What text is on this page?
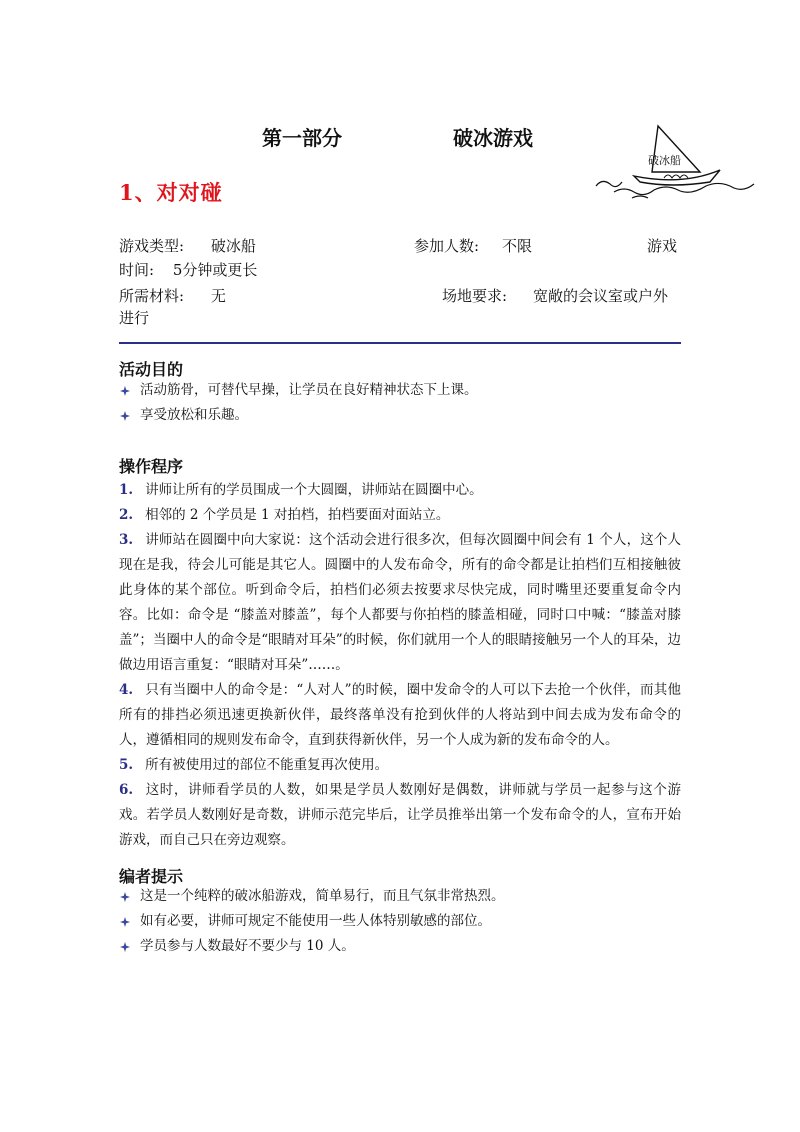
第一部分	破冰游戏
破冰船
1、对对碰
游戏类型: 破冰船	参加人数: 不限	游戏
时间: 5分钟或更长
所需材料: 无	场地要求: 宽敞的会议室或户外
进行
活动目的
活动筋骨，可替代早操，让学员在良好精神状态下上课。
享受放松和乐趣。
操作程序
1. 讲师让所有的学员围成一个大圆圈，讲师站在圆圈中心。
2. 相邻的 2 个学员是 1 对拍档，拍档要面对面站立。
3. 讲师站在圆圈中向大家说：这个活动会进行很多次，但每次圆圈中间会有 1 个人，这个人现在是我，待会儿可能是其它人。圆圈中的人发布命令，所有的命令都是让拍档们互相接触彼此身体的某个部位。听到命令后，拍档们必须去按要求尽快完成，同时嘴里还要重复命令内容。比如：命令是 “膝盖对膝盖”，每个人都要与你拍档的膝盖相碰，同时口中喊：“膝盖对膝盖”；当圈中人的命令是“眼睛对耳朵”的时候，你们就用一个人的眼睛接触另一个人的耳朵，边做边用语言重复：“眼睛对耳朵”……。
4. 只有当圈中人的命令是：“人对人”的时候，圈中发命令的人可以下去抢一个伙伴，而其他所有的排挡必须迅速更换新伙伴，最终落单没有抢到伙伴的人将站到中间去成为发布命令的人，遵循相同的规则发布命令，直到获得新伙伴，另一个人成为新的发布命令的人。
5. 所有被使用过的部位不能重复再次使用。
6. 这时，讲师看学员的人数，如果是学员人数刚好是偶数，讲师就与学员一起参与这个游戏。若学员人数刚好是奇数，讲师示范完毕后，让学员推举出第一个发布命令的人，宣布开始游戏，而自己只在旁边观察。
编者提示
这是一个纯粹的破冰船游戏，简单易行，而且气氛非常热烈。
如有必要，讲师可规定不能使用一些人体特别敏感的部位。
学员参与人数最好不要少与 10 人。
